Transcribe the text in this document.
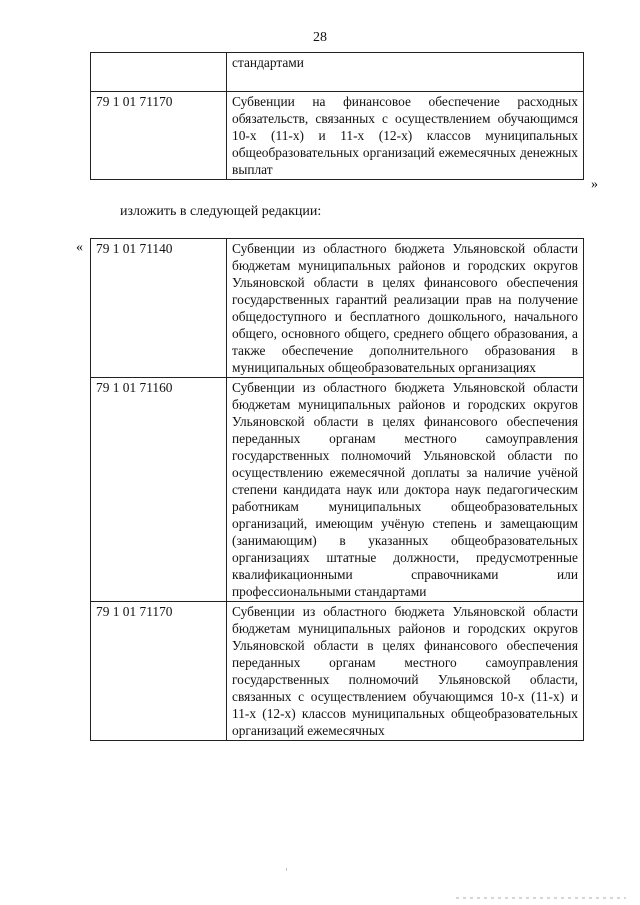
28
	стандартами
79 1 01 71170	Субвенции на финансовое обеспечение расходных обязательств, связанных с осуществлением обучающимся 10-х (11-х) и 11-х (12-х) классов муниципальных общеобразовательных организаций ежемесячных денежных выплат
»
изложить в следующей редакции:
« 79 1 01 71140	Субвенции из областного бюджета Ульяновской области бюджетам муниципальных районов и городских округов Ульяновской области в целях финансового обеспечения государственных гарантий реализации прав на получение общедоступного и бесплатного дошкольного, начального общего, основного общего, среднего общего образования, а также обеспечение дополнительного образования в муниципальных общеобразовательных организациях
79 1 01 71160	Субвенции из областного бюджета Ульяновской области бюджетам муниципальных районов и городских округов Ульяновской области в целях финансового обеспечения переданных органам местного самоуправления государственных полномочий Ульяновской области по осуществлению ежемесячной доплаты за наличие учёной степени кандидата наук или доктора наук педагогическим работникам муниципальных общеобразовательных организаций, имеющим учёную степень и замещающим (занимающим) в указанных общеобразовательных организациях штатные должности, предусмотренные квалификационными справочниками или профессиональными стандартами
79 1 01 71170	Субвенции из областного бюджета Ульяновской области бюджетам муниципальных районов и городских округов Ульяновской области в целях финансового обеспечения переданных органам местного самоуправления государственных полномочий Ульяновской области, связанных с осуществлением обучающимся 10-х (11-х) и 11-х (12-х) классов муниципальных общеобразовательных организаций ежемесячных
